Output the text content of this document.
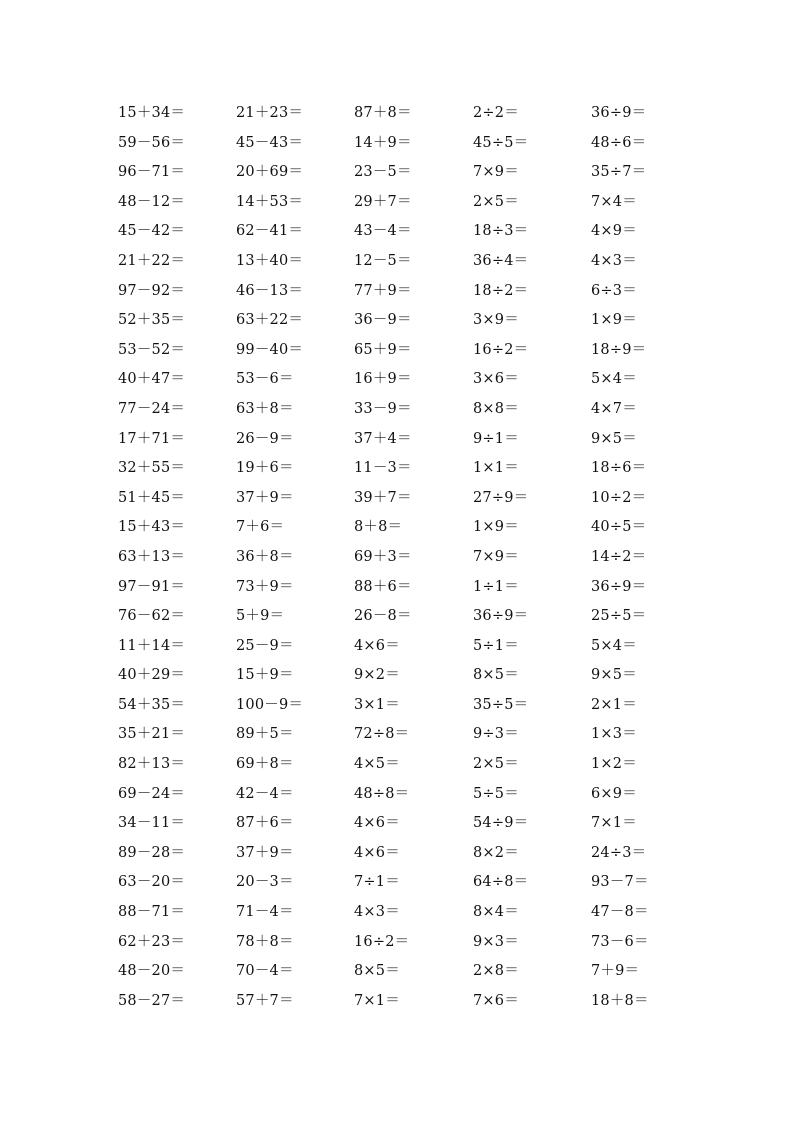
15＋34＝	21＋23＝	87＋8＝	2÷2＝	36÷9＝
59－56＝	45－43＝	14＋9＝	45÷5＝	48÷6＝
96－71＝	20＋69＝	23－5＝	7×9＝	35÷7＝
48－12＝	14＋53＝	29＋7＝	2×5＝	7×4＝
45－42＝	62－41＝	43－4＝	18÷3＝	4×9＝
21＋22＝	13＋40＝	12－5＝	36÷4＝	4×3＝
97－92＝	46－13＝	77＋9＝	18÷2＝	6÷3＝
52＋35＝	63＋22＝	36－9＝	3×9＝	1×9＝
53－52＝	99－40＝	65＋9＝	16÷2＝	18÷9＝
40＋47＝	53－6＝	16＋9＝	3×6＝	5×4＝
77－24＝	63＋8＝	33－9＝	8×8＝	4×7＝
17＋71＝	26－9＝	37＋4＝	9÷1＝	9×5＝
32＋55＝	19＋6＝	11－3＝	1×1＝	18÷6＝
51＋45＝	37＋9＝	39＋7＝	27÷9＝	10÷2＝
15＋43＝	7＋6＝	8＋8＝	1×9＝	40÷5＝
63＋13＝	36＋8＝	69＋3＝	7×9＝	14÷2＝
97－91＝	73＋9＝	88＋6＝	1÷1＝	36÷9＝
76－62＝	5＋9＝	26－8＝	36÷9＝	25÷5＝
11＋14＝	25－9＝	4×6＝	5÷1＝	5×4＝
40＋29＝	15＋9＝	9×2＝	8×5＝	9×5＝
54＋35＝	100－9＝	3×1＝	35÷5＝	2×1＝
35＋21＝	89＋5＝	72÷8＝	9÷3＝	1×3＝
82＋13＝	69＋8＝	4×5＝	2×5＝	1×2＝
69－24＝	42－4＝	48÷8＝	5÷5＝	6×9＝
34－11＝	87＋6＝	4×6＝	54÷9＝	7×1＝
89－28＝	37＋9＝	4×6＝	8×2＝	24÷3＝
63－20＝	20－3＝	7÷1＝	64÷8＝	93－7＝
88－71＝	71－4＝	4×3＝	8×4＝	47－8＝
62＋23＝	78＋8＝	16÷2＝	9×3＝	73－6＝
48－20＝	70－4＝	8×5＝	2×8＝	7＋9＝
58－27＝	57＋7＝	7×1＝	7×6＝	18＋8＝
